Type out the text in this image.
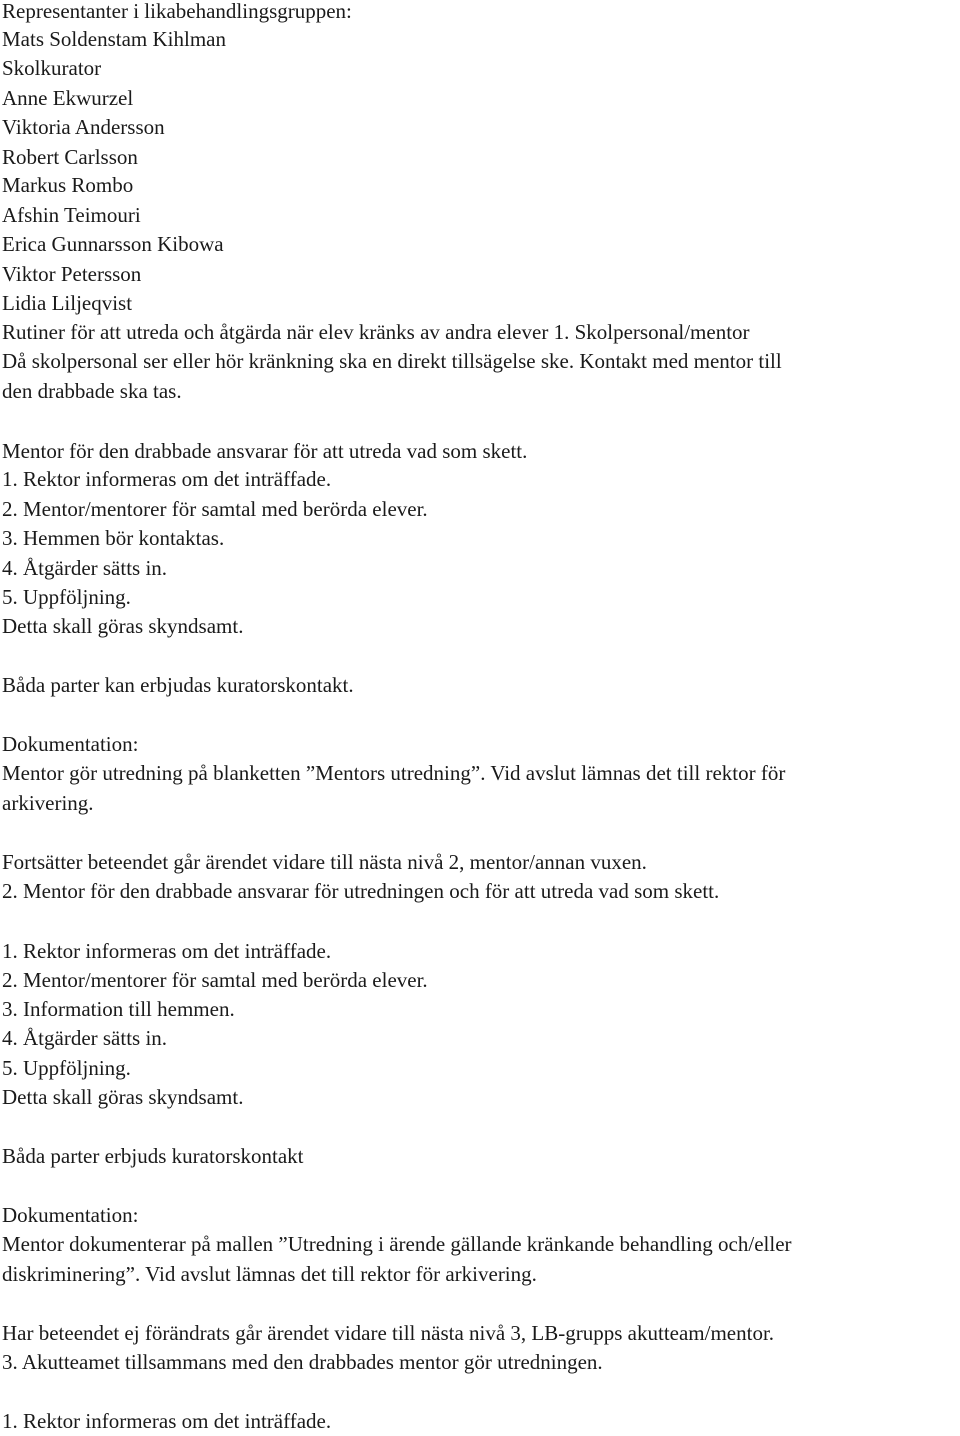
Representanter i likabehandlingsgruppen:
Mats Soldenstam Kihlman
Skolkurator
Anne Ekwurzel
Viktoria Andersson
Robert Carlsson
Markus Rombo
Afshin Teimouri
Erica Gunnarsson Kibowa
Viktor Petersson
Lidia Liljeqvist
Rutiner för att utreda och åtgärda när elev kränks av andra elever 1. Skolpersonal/mentor
Då skolpersonal ser eller hör kränkning ska en direkt tillsägelse ske. Kontakt med mentor till
den drabbade ska tas.
Mentor för den drabbade ansvarar för att utreda vad som skett.
1. Rektor informeras om det inträffade.
2. Mentor/mentorer för samtal med berörda elever.
3. Hemmen bör kontaktas.
4. Åtgärder sätts in.
5. Uppföljning.
Detta skall göras skyndsamt.
Båda parter kan erbjudas kuratorskontakt.
Dokumentation:
Mentor gör utredning på blanketten ”Mentors utredning”. Vid avslut lämnas det till rektor för
arkivering.
Fortsätter beteendet går ärendet vidare till nästa nivå 2, mentor/annan vuxen.
2. Mentor för den drabbade ansvarar för utredningen och för att utreda vad som skett.
1. Rektor informeras om det inträffade.
2. Mentor/mentorer för samtal med berörda elever.
3. Information till hemmen.
4. Åtgärder sätts in.
5. Uppföljning.
Detta skall göras skyndsamt.
Båda parter erbjuds kuratorskontakt
Dokumentation:
Mentor dokumenterar på mallen ”Utredning i ärende gällande kränkande behandling och/eller
diskriminering”. Vid avslut lämnas det till rektor för arkivering.
Har beteendet ej förändrats går ärendet vidare till nästa nivå 3, LB-grupps akutteam/mentor.
3. Akutteamet tillsammans med den drabbades mentor gör utredningen.
1. Rektor informeras om det inträffade.
